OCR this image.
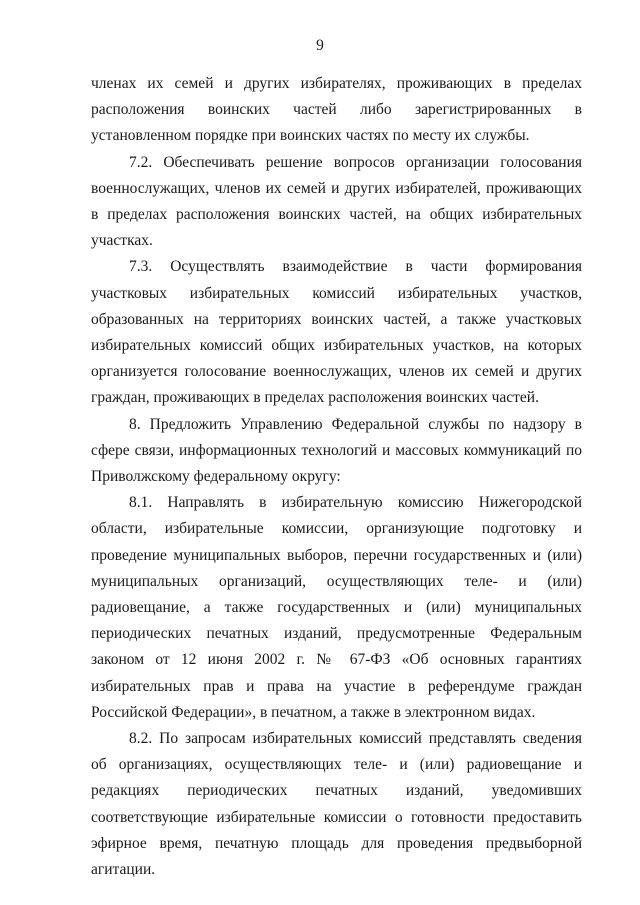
9

членах их семей и других избирателях, проживающих в пределах расположения воинских частей либо зарегистрированных в установленном порядке при воинских частях по месту их службы.

7.2. Обеспечивать решение вопросов организации голосования военнослужащих, членов их семей и других избирателей, проживающих в пределах расположения воинских частей, на общих избирательных участках.

7.3. Осуществлять взаимодействие в части формирования участковых избирательных комиссий избирательных участков, образованных на территориях воинских частей, а также участковых избирательных комиссий общих избирательных участков, на которых организуется голосование военнослужащих, членов их семей и других граждан, проживающих в пределах расположения воинских частей.

8. Предложить Управлению Федеральной службы по надзору в сфере связи, информационных технологий и массовых коммуникаций по Приволжскому федеральному округу:

8.1. Направлять в избирательную комиссию Нижегородской области, избирательные комиссии, организующие подготовку и проведение муниципальных выборов, перечни государственных и (или) муниципальных организаций, осуществляющих теле- и (или) радиовещание, а также государственных и (или) муниципальных периодических печатных изданий, предусмотренные Федеральным законом от 12 июня 2002 г. № 67-ФЗ «Об основных гарантиях избирательных прав и права на участие в референдуме граждан Российской Федерации», в печатном, а также в электронном видах.

8.2. По запросам избирательных комиссий представлять сведения об организациях, осуществляющих теле- и (или) радиовещание и редакциях периодических печатных изданий, уведомивших соответствующие избирательные комиссии о готовности предоставить эфирное время, печатную площадь для проведения предвыборной агитации.
